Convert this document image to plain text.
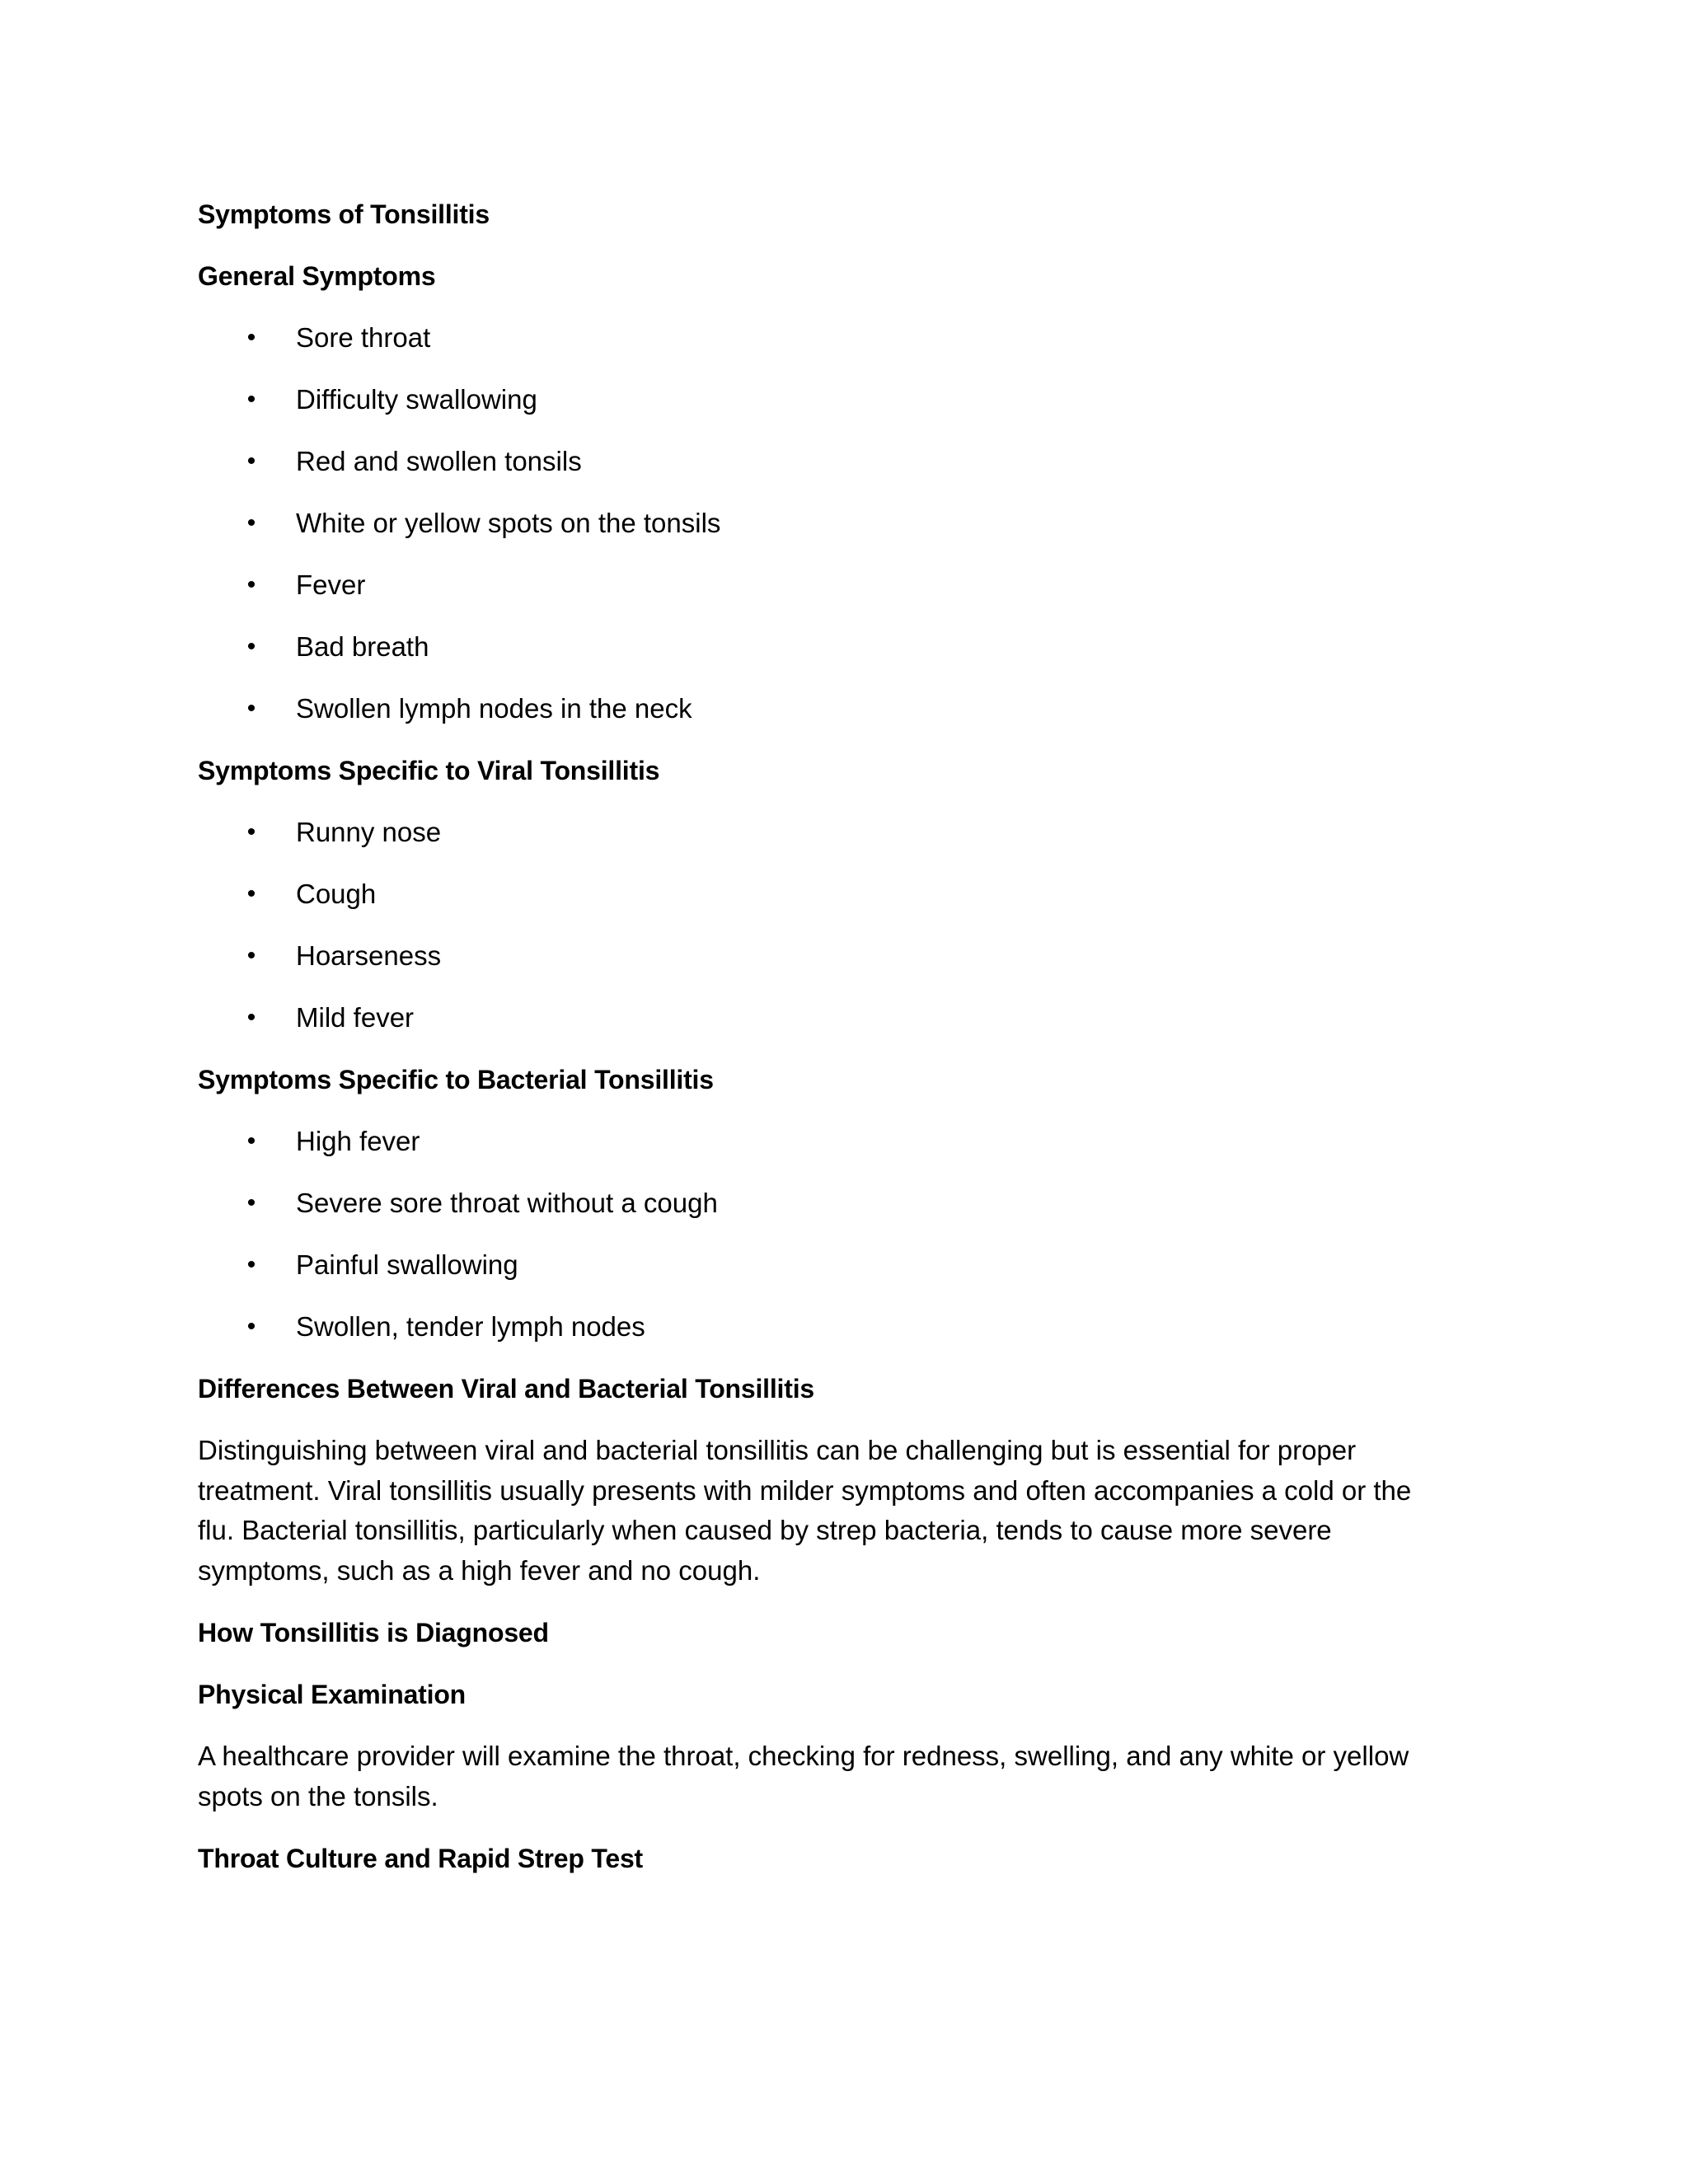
Symptoms of Tonsillitis
General Symptoms
• Sore throat
• Difficulty swallowing
• Red and swollen tonsils
• White or yellow spots on the tonsils
• Fever
• Bad breath
• Swollen lymph nodes in the neck
Symptoms Specific to Viral Tonsillitis
• Runny nose
• Cough
• Hoarseness
• Mild fever
Symptoms Specific to Bacterial Tonsillitis
• High fever
• Severe sore throat without a cough
• Painful swallowing
• Swollen, tender lymph nodes
Differences Between Viral and Bacterial Tonsillitis

Distinguishing between viral and bacterial tonsillitis can be challenging but is essential for proper treatment. Viral tonsillitis usually presents with milder symptoms and often accompanies a cold or the flu. Bacterial tonsillitis, particularly when caused by strep bacteria, tends to cause more severe symptoms, such as a high fever and no cough.

How Tonsillitis is Diagnosed
Physical Examination

A healthcare provider will examine the throat, checking for redness, swelling, and any white or yellow spots on the tonsils.

Throat Culture and Rapid Strep Test
